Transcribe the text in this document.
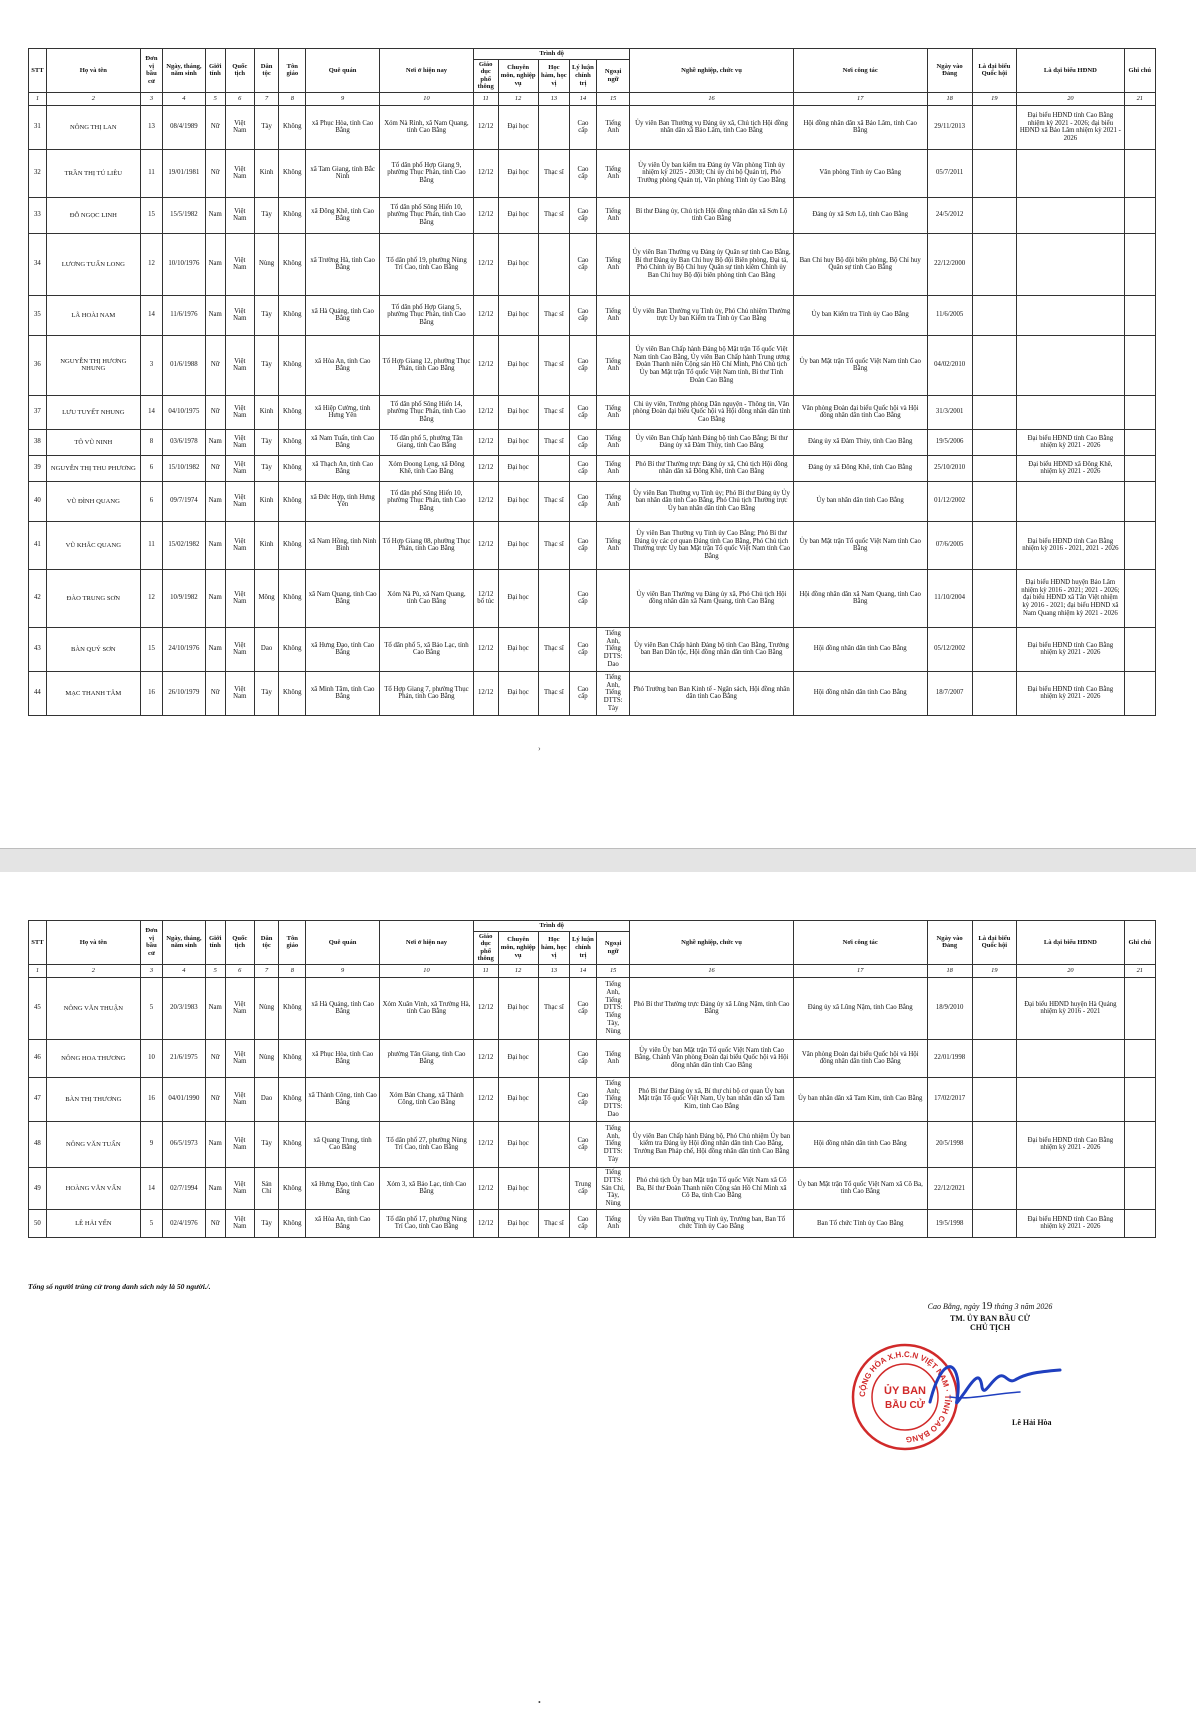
STT	Họ và tên	Đơn vị bầu cử	Ngày, tháng, năm sinh	Giới tính	Quốc tịch	Dân tộc	Tôn giáo	Quê quán	Nơi ở hiện nay	Trình độ					Nghề nghiệp, chức vụ	Nơi công tác	Ngày vào Đảng	Là đại biểu Quốc hội	Là đại biểu HĐND	Ghi chú
										Giáo dục phổ thông	Chuyên môn, nghiệp vụ	Học hàm, học vị	Lý luận chính trị	Ngoại ngữ						
1	2	3	4	5	6	7	8	9	10	11	12	13	14	15	16	17	18	19	20	21
31	NÔNG THỊ LAN	13	08/4/1989	Nữ	Việt Nam	Tày	Không	xã Phục Hòa, tỉnh Cao Bằng	Xóm Nà Rình, xã Nam Quang, tỉnh Cao Bằng	12/12	Đại học		Cao cấp	Tiếng Anh	Ủy viên Ban Thường vụ Đảng ủy xã, Chủ tịch Hội đồng nhân dân xã Bảo Lâm, tỉnh Cao Bằng	Hội đồng nhân dân xã Bảo Lâm, tỉnh Cao Bằng	29/11/2013		Đại biểu HĐND tỉnh Cao Bằng nhiệm kỳ 2021 - 2026; đại biểu HĐND xã Bảo Lâm nhiệm kỳ 2021 - 2026	
32	TRẦN THỊ TÚ LIÊU	11	19/01/1981	Nữ	Việt Nam	Kinh	Không	xã Tam Giang, tỉnh Bắc Ninh	Tổ dân phố Hợp Giang 9, phường Thục Phán, tỉnh Cao Bằng	12/12	Đại học	Thạc sĩ	Cao cấp	Tiếng Anh	Ủy viên Ủy ban kiểm tra Đảng ủy Văn phòng Tỉnh ủy nhiệm kỳ 2025 - 2030; Chi ủy chi bộ Quản trị, Phó Trưởng phòng Quản trị, Văn phòng Tỉnh ủy Cao Bằng	Văn phòng Tỉnh ủy Cao Bằng	05/7/2011			
33	ĐỖ NGỌC LINH	15	15/5/1982	Nam	Việt Nam	Tày	Không	xã Đông Khê, tỉnh Cao Bằng	Tổ dân phố Sông Hiến 10, phường Thục Phán, tỉnh Cao Bằng	12/12	Đại học	Thạc sĩ	Cao cấp	Tiếng Anh	Bí thư Đảng ủy, Chủ tịch Hội đồng nhân dân xã Sơn Lộ tỉnh Cao Bằng	Đảng ủy xã Sơn Lộ, tỉnh Cao Bằng	24/5/2012			
34	LƯƠNG TUẤN LONG	12	10/10/1976	Nam	Việt Nam	Nùng	Không	xã Trường Hà, tỉnh Cao Bằng	Tổ dân phố 19, phường Nùng Trí Cao, tỉnh Cao Bằng	12/12	Đại học		Cao cấp	Tiếng Anh	Ủy viên Ban Thường vụ Đảng ủy Quân sự tỉnh Cao Bằng, Bí thư Đảng ủy Ban Chỉ huy Bộ đội Biên phòng, Đại tá, Phó Chính ủy Bộ Chỉ huy Quân sự tỉnh kiêm Chính ủy Ban Chỉ huy Bộ đội biên phòng tỉnh Cao Bằng	Ban Chỉ huy Bộ đội biên phòng, Bộ Chỉ huy Quân sự tỉnh Cao Bằng	22/12/2000			
35	LÃ HOÀI NAM	14	11/6/1976	Nam	Việt Nam	Tày	Không	xã Hà Quảng, tỉnh Cao Bằng	Tổ dân phố Hợp Giang 5, phường Thục Phán, tỉnh Cao Bằng	12/12	Đại học	Thạc sĩ	Cao cấp	Tiếng Anh	Ủy viên Ban Thường vụ Tỉnh ủy, Phó Chủ nhiệm Thường trực Ủy ban Kiểm tra Tỉnh ủy Cao Bằng	Ủy ban Kiểm tra Tỉnh ủy Cao Bằng	11/6/2005			
36	NGUYỄN THỊ HƯƠNG NHUNG	3	01/6/1988	Nữ	Việt Nam	Tày	Không	xã Hòa An, tỉnh Cao Bằng	Tổ Hợp Giang 12, phường Thục Phán, tỉnh Cao Bằng	12/12	Đại học	Thạc sĩ	Cao cấp	Tiếng Anh	Ủy viên Ban Chấp hành Đảng bộ Mặt trận Tổ quốc Việt Nam tỉnh Cao Bằng, Ủy viên Ban Chấp hành Trung ương Đoàn Thanh niên Cộng sản Hồ Chí Minh, Phó Chủ tịch Ủy ban Mặt trận Tổ quốc Việt Nam tỉnh, Bí thư Tỉnh Đoàn Cao Bằng	Ủy ban Mặt trận Tổ quốc Việt Nam tỉnh Cao Bằng	04/02/2010			
37	LƯU TUYẾT NHUNG	14	04/10/1975	Nữ	Việt Nam	Kinh	Không	xã Hiệp Cường, tỉnh Hưng Yên	Tổ dân phố Sông Hiến 14, phường Thục Phán, tỉnh Cao Bằng	12/12	Đại học	Thạc sĩ	Cao cấp	Tiếng Anh	Chi ủy viên, Trưởng phòng Dân nguyện - Thông tin, Văn phòng Đoàn đại biểu Quốc hội và Hội đồng nhân dân tỉnh Cao Bằng	Văn phòng Đoàn đại biểu Quốc hội và Hội đồng nhân dân tỉnh Cao Bằng	31/3/2001			
38	TÔ VŨ NINH	8	03/6/1978	Nam	Việt Nam	Tày	Không	xã Nam Tuấn, tỉnh Cao Bằng	Tổ dân phố 5, phường Tân Giang, tỉnh Cao Bằng	12/12	Đại học	Thạc sĩ	Cao cấp	Tiếng Anh	Ủy viên Ban Chấp hành Đảng bộ tỉnh Cao Bằng; Bí thư Đảng ủy xã Đàm Thủy, tỉnh Cao Bằng	Đảng ủy xã Đàm Thủy, tỉnh Cao Bằng	19/5/2006		Đại biểu HĐND tỉnh Cao Bằng nhiệm kỳ 2021 - 2026	
39	NGUYỄN THỊ THU PHƯƠNG	6	15/10/1982	Nữ	Việt Nam	Tày	Không	xã Thạch An, tỉnh Cao Bằng	Xóm Đoong Lẹng, xã Đông Khê, tỉnh Cao Bằng	12/12	Đại học		Cao cấp	Tiếng Anh	Phó Bí thư Thường trực Đảng ủy xã, Chủ tịch Hội đồng nhân dân xã Đông Khê, tỉnh Cao Bằng	Đảng ủy xã Đông Khê, tỉnh Cao Bằng	25/10/2010		Đại biểu HĐND xã Đông Khê, nhiệm kỳ 2021 - 2026	
40	VŨ ĐÌNH QUANG	6	09/7/1974	Nam	Việt Nam	Kinh	Không	xã Đức Hợp, tỉnh Hưng Yên	Tổ dân phố Sông Hiến 10, phường Thục Phán, tỉnh Cao Bằng	12/12	Đại học	Thạc sĩ	Cao cấp	Tiếng Anh	Ủy viên Ban Thường vụ Tỉnh ủy; Phó Bí thư Đảng ủy Ủy ban nhân dân tỉnh Cao Bằng, Phó Chủ tịch Thường trực Ủy ban nhân dân tỉnh Cao Bằng	Ủy ban nhân dân tỉnh Cao Bằng	01/12/2002			
41	VŨ KHẮC QUANG	11	15/02/1982	Nam	Việt Nam	Kinh	Không	xã Nam Hồng, tỉnh Ninh Bình	Tổ Hợp Giang 08, phường Thục Phán, tỉnh Cao Bằng	12/12	Đại học	Thạc sĩ	Cao cấp	Tiếng Anh	Ủy viên Ban Thường vụ Tỉnh ủy Cao Bằng; Phó Bí thư Đảng ủy các cơ quan Đảng tỉnh Cao Bằng, Phó Chủ tịch Thường trực Ủy ban Mặt trận Tổ quốc Việt Nam tỉnh Cao Bằng	Ủy ban Mặt trận Tổ quốc Việt Nam tỉnh Cao Bằng	07/6/2005		Đại biểu HĐND tỉnh Cao Bằng nhiệm kỳ 2016 - 2021, 2021 - 2026	
42	ĐÀO TRUNG SƠN	12	10/9/1982	Nam	Việt Nam	Mông	Không	xã Nam Quang, tỉnh Cao Bằng	Xóm Nà Pù, xã Nam Quang, tỉnh Cao Bằng	12/12 bổ túc	Đại học		Cao cấp		Ủy viên Ban Thường vụ Đảng ủy xã, Phó Chủ tịch Hội đồng nhân dân xã Nam Quang, tỉnh Cao Bằng	Hội đồng nhân dân xã Nam Quang, tỉnh Cao Bằng	11/10/2004		Đại biểu HĐND huyện Bảo Lâm nhiệm kỳ 2016 - 2021; 2021 - 2026; đại biểu HĐND xã Tân Việt nhiệm kỳ 2016 - 2021; đại biểu HĐND xã Nam Quang nhiệm kỳ 2021 - 2026	
43	BÀN QUÝ SƠN	15	24/10/1976	Nam	Việt Nam	Dao	Không	xã Hưng Đạo, tỉnh Cao Bằng	Tổ dân phố 5, xã Bảo Lạc, tỉnh Cao Bằng	12/12	Đại học	Thạc sĩ	Cao cấp	Tiếng Anh, Tiếng DTTS: Dao	Ủy viên Ban Chấp hành Đảng bộ tỉnh Cao Bằng, Trưởng ban Ban Dân tộc, Hội đồng nhân dân tỉnh Cao Bằng	Hội đồng nhân dân tỉnh Cao Bằng	05/12/2002		Đại biểu HĐND tỉnh Cao Bằng nhiệm kỳ 2021 - 2026	
44	MẠC THANH TÂM	16	26/10/1979	Nữ	Việt Nam	Tày	Không	xã Minh Tâm, tỉnh Cao Bằng	Tổ Hợp Giang 7, phường Thục Phán, tỉnh Cao Bằng	12/12	Đại học	Thạc sĩ	Cao cấp	Tiếng Anh, Tiếng DTTS: Tày	Phó Trưởng ban Ban Kinh tế - Ngân sách, Hội đồng nhân dân tỉnh Cao Bằng	Hội đồng nhân dân tỉnh Cao Bằng	18/7/2007		Đại biểu HĐND tỉnh Cao Bằng nhiệm kỳ 2021 - 2026	
›
STT	Họ và tên	Đơn vị bầu cử	Ngày, tháng, năm sinh	Giới tính	Quốc tịch	Dân tộc	Tôn giáo	Quê quán	Nơi ở hiện nay	Trình độ					Nghề nghiệp, chức vụ	Nơi công tác	Ngày vào Đảng	Là đại biểu Quốc hội	Là đại biểu HĐND	Ghi chú
										Giáo dục phổ thông	Chuyên môn, nghiệp vụ	Học hàm, học vị	Lý luận chính trị	Ngoại ngữ						
1	2	3	4	5	6	7	8	9	10	11	12	13	14	15	16	17	18	19	20	21
45	NÔNG VĂN THUẬN	5	20/3/1983	Nam	Việt Nam	Nùng	Không	xã Hà Quảng, tỉnh Cao Bằng	Xóm Xuân Vinh, xã Trường Hà, tỉnh Cao Bằng	12/12	Đại học	Thạc sĩ	Cao cấp	Tiếng Anh, Tiếng DTTS: Tiếng Tày, Nùng	Phó Bí thư Thường trực Đảng ủy xã Lũng Nặm, tỉnh Cao Bằng	Đảng ủy xã Lũng Nặm, tỉnh Cao Bằng	18/9/2010		Đại biểu HĐND huyện Hà Quảng nhiệm kỳ 2016 - 2021	
46	NÔNG HOA THƯƠNG	10	21/6/1975	Nữ	Việt Nam	Nùng	Không	xã Phục Hòa, tỉnh Cao Bằng	phường Tân Giang, tỉnh Cao Bằng	12/12	Đại học		Cao cấp	Tiếng Anh	Ủy viên Ủy ban Mặt trận Tổ quốc Việt Nam tỉnh Cao Bằng, Chánh Văn phòng Đoàn đại biểu Quốc hội và Hội đồng nhân dân tỉnh Cao Bằng	Văn phòng Đoàn đại biểu Quốc hội và Hội đồng nhân dân tỉnh Cao Bằng	22/01/1998			
47	BÀN THỊ THƯƠNG	16	04/01/1990	Nữ	Việt Nam	Dao	Không	xã Thành Công, tỉnh Cao Bằng	Xóm Bản Chang, xã Thành Công, tỉnh Cao Bằng	12/12	Đại học		Cao cấp	Tiếng Anh; Tiếng DTTS: Dao	Phó Bí thư Đảng ủy xã, Bí thư chi bộ cơ quan Ủy ban Mặt trận Tổ quốc Việt Nam, Ủy ban nhân dân xã Tam Kim, tỉnh Cao Bằng	Ủy ban nhân dân xã Tam Kim, tỉnh Cao Bằng	17/02/2017			
48	NÔNG VĂN TUẤN	9	06/5/1973	Nam	Việt Nam	Tày	Không	xã Quang Trung, tỉnh Cao Bằng	Tổ dân phố 27, phường Nùng Trí Cao, tỉnh Cao Bằng	12/12	Đại học		Cao cấp	Tiếng Anh, Tiếng DTTS: Tày	Ủy viên Ban Chấp hành Đảng bộ, Phó Chủ nhiệm Ủy ban kiểm tra Đảng ủy Hội đồng nhân dân tỉnh Cao Bằng, Trưởng Ban Pháp chế, Hội đồng nhân dân tỉnh Cao Bằng	Hội đồng nhân dân tỉnh Cao Bằng	20/5/1998		Đại biểu HĐND tỉnh Cao Bằng nhiệm kỳ 2021 - 2026	
49	HOÀNG VĂN VẤN	14	02/7/1994	Nam	Việt Nam	Sán Chỉ	Không	xã Hưng Đạo, tỉnh Cao Bằng	Xóm 3, xã Bảo Lạc, tỉnh Cao Bằng	12/12	Đại học		Trung cấp	Tiếng DTTS: Sán Chỉ, Tày, Nùng	Phó chủ tịch Ủy ban Mặt trận Tổ quốc Việt Nam xã Cô Ba, Bí thư Đoàn Thanh niên Cộng sản Hồ Chí Minh xã Cô Ba, tỉnh Cao Bằng	Ủy ban Mặt trận Tổ quốc Việt Nam xã Cô Ba, tỉnh Cao Bằng	22/12/2021			
50	LÊ HẢI YẾN	5	02/4/1976	Nữ	Việt Nam	Tày	Không	xã Hòa An, tỉnh Cao Bằng	Tổ dân phố 17, phường Nùng Trí Cao, tỉnh Cao Bằng	12/12	Đại học	Thạc sĩ	Cao cấp	Tiếng Anh	Ủy viên Ban Thường vụ Tỉnh ủy, Trưởng ban, Ban Tổ chức Tỉnh ủy Cao Bằng	Ban Tổ chức Tỉnh ủy Cao Bằng	19/5/1998		Đại biểu HĐND tỉnh Cao Bằng nhiệm kỳ 2021 - 2026	
Tổng số người trúng cử trong danh sách này là 50 người./.
Cao Bằng, ngày 19 tháng 3 năm 2026
TM. ỦY BAN BẦU CỬ
CHỦ TỊCH
CỘNG HÒA X.H.C.N VIỆT NAM · TỈNH CAO BẰNG
ỦY BAN
BẦU CỬ
Lê Hải Hòa
•
